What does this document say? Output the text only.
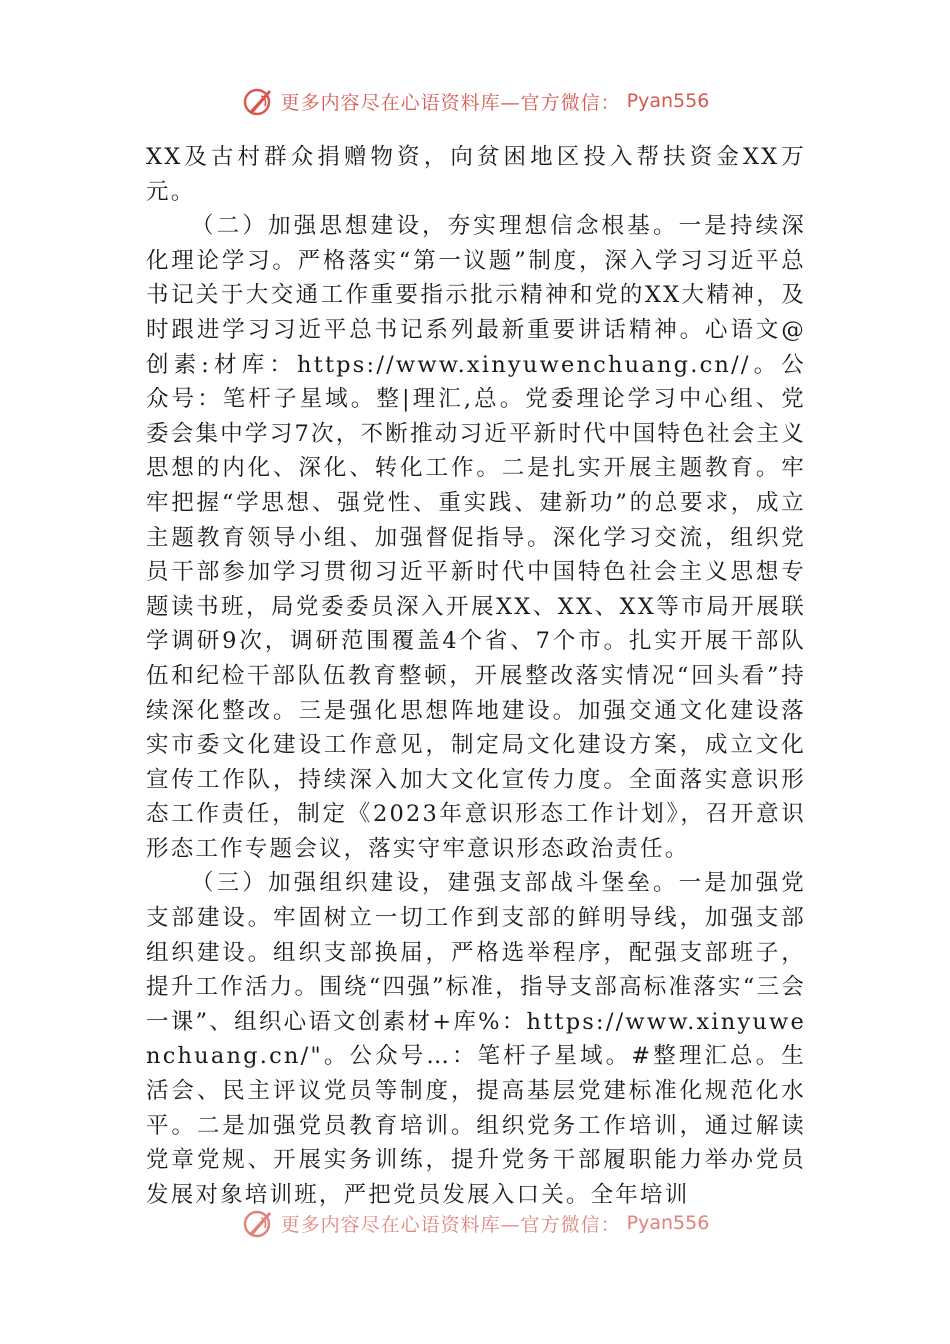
更多内容尽在心语资料库—官方微信： Pyan556

XX及古村群众捐赠物资，向贫困地区投入帮扶资金XX万元。

（二）加强思想建设，夯实理想信念根基。一是持续深化理论学习。严格落实“第一议题”制度，深入学习习近平总书记关于大交通工作重要指示批示精神和党的XX大精神，及时跟进学习习近平总书记系列最新重要讲话精神。心语文@创素:材库：https://www.xinyuwenchuang.cn//。公众号：笔杆子星域。整|理汇,总。党委理论学习中心组、党委会集中学习7次，不断推动习近平新时代中国特色社会主义思想的内化、深化、转化工作。二是扎实开展主题教育。牢牢把握“学思想、强党性、重实践、建新功”的总要求，成立主题教育领导小组、加强督促指导。深化学习交流，组织党员干部参加学习贯彻习近平新时代中国特色社会主义思想专题读书班，局党委委员深入开展XX、XX、XX等市局开展联学调研9次，调研范围覆盖4个省、7个市。扎实开展干部队伍和纪检干部队伍教育整顿，开展整改落实情况“回头看”持续深化整改。三是强化思想阵地建设。加强交通文化建设落实市委文化建设工作意见，制定局文化建设方案，成立文化宣传工作队，持续深入加大文化宣传力度。全面落实意识形态工作责任，制定《2023年意识形态工作计划》，召开意识形态工作专题会议，落实守牢意识形态政治责任。

（三）加强组织建设，建强支部战斗堡垒。一是加强党支部建设。牢固树立一切工作到支部的鲜明导线，加强支部组织建设。组织支部换届，严格选举程序，配强支部班子，提升工作活力。围绕“四强”标准，指导支部高标准落实“三会一课”、组织心语文创素材+库%：https://www.xinyuwenchuang.cn/"。公众号…：笔杆子星域。#整理汇总。生活会、民主评议党员等制度，提高基层党建标准化规范化水平。二是加强党员教育培训。组织党务工作培训，通过解读党章党规、开展实务训练，提升党务干部履职能力举办党员发展对象培训班，严把党员发展入口关。全年培训

更多内容尽在心语资料库—官方微信： Pyan556
